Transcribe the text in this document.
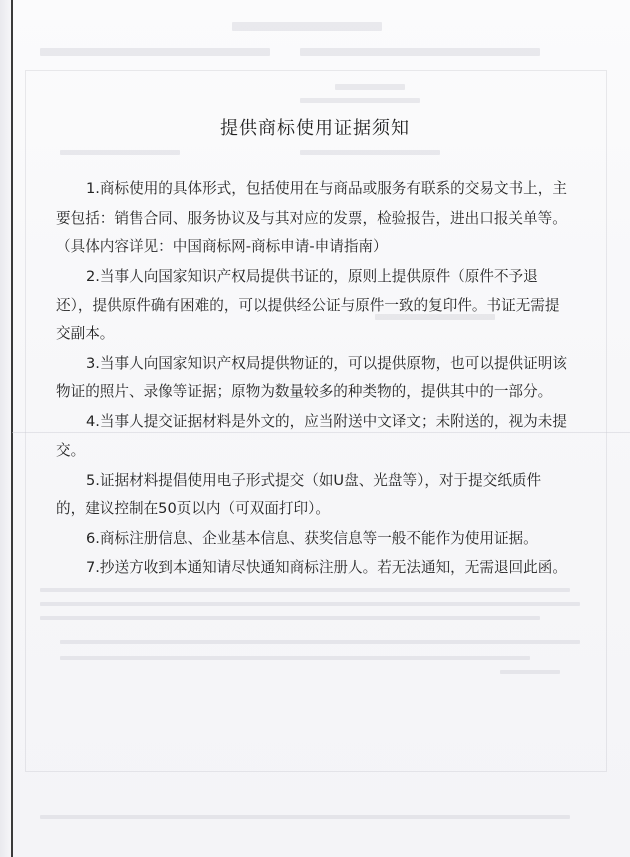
提供商标使用证据须知
1.商标使用的具体形式，包括使用在与商品或服务有联系的交易文书上，主
要包括：销售合同、服务协议及与其对应的发票，检验报告，进出口报关单等。
（具体内容详见：中国商标网-商标申请-申请指南）
2.当事人向国家知识产权局提供书证的，原则上提供原件（原件不予退
还），提供原件确有困难的，可以提供经公证与原件一致的复印件。书证无需提
交副本。
3.当事人向国家知识产权局提供物证的，可以提供原物，也可以提供证明该
物证的照片、录像等证据；原物为数量较多的种类物的，提供其中的一部分。
4.当事人提交证据材料是外文的，应当附送中文译文；未附送的，视为未提
交。
5.证据材料提倡使用电子形式提交（如U盘、光盘等），对于提交纸质件
的，建议控制在50页以内（可双面打印）。
6.商标注册信息、企业基本信息、获奖信息等一般不能作为使用证据。
7.抄送方收到本通知请尽快通知商标注册人。若无法通知，无需退回此函。
